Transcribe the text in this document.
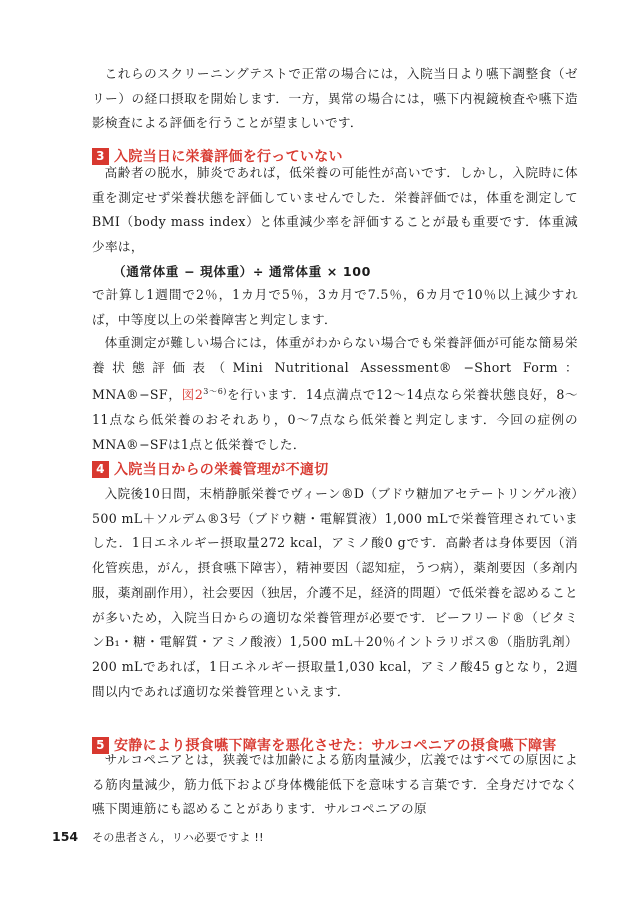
これらのスクリーニングテストで正常の場合には，入院当日より嚥下調整食（ゼリー）の経口摂取を開始します．一方，異常の場合には，嚥下内視鏡検査や嚥下造影検査による評価を行うことが望ましいです．

3 入院当日に栄養評価を行っていない

高齢者の脱水，肺炎であれば，低栄養の可能性が高いです．しかし，入院時に体重を測定せず栄養状態を評価していませんでした．栄養評価では，体重を測定してBMI（body mass index）と体重減少率を評価することが最も重要です．体重減少率は，

（通常体重 − 現体重）÷ 通常体重 × 100

で計算し1週間で2％，1カ月で5％，3カ月で7.5％，6カ月で10％以上減少すれば，中等度以上の栄養障害と判定します．

体重測定が難しい場合には，体重がわからない場合でも栄養評価が可能な簡易栄養状態評価表（Mini Nutritional Assessment® −Short Form：MNA®−SF，図$2^{3〜6)}$を行います．14点満点で12〜14点なら栄養状態良好，8〜11点なら低栄養のおそれあり，0〜7点なら低栄養と判定します．今回の症例のMNA®−SFは1点と低栄養でした．

4 入院当日からの栄養管理が不適切

入院後10日間，末梢静脈栄養でヴィーン®D（ブドウ糖加アセテートリンゲル液）500 mL＋ソルデム®3号（ブドウ糖・電解質液）1,000 mLで栄養管理されていました．1日エネルギー摂取量272 kcal，アミノ酸0 gです．高齢者は身体要因（消化管疾患，がん，摂食嚥下障害），精神要因（認知症，うつ病），薬剤要因（多剤内服，薬剤副作用），社会要因（独居，介護不足，経済的問題）で低栄養を認めることが多いため，入院当日からの適切な栄養管理が必要です．ビーフリード®（ビタミンB₁・糖・電解質・アミノ酸液）1,500 mL＋20％イントラリポス®（脂肪乳剤）200 mLであれば，1日エネルギー摂取量1,030 kcal，アミノ酸45 gとなり，2週間以内であれば適切な栄養管理といえます．

5 安静により摂食嚥下障害を悪化させた：サルコペニアの摂食嚥下障害

サルコペニアとは，狭義では加齢による筋肉量減少，広義ではすべての原因による筋肉量減少，筋力低下および身体機能低下を意味する言葉です．全身だけでなく嚥下関連筋にも認めることがあります．サルコペニアの原

154 その患者さん，リハ必要ですよ !!
